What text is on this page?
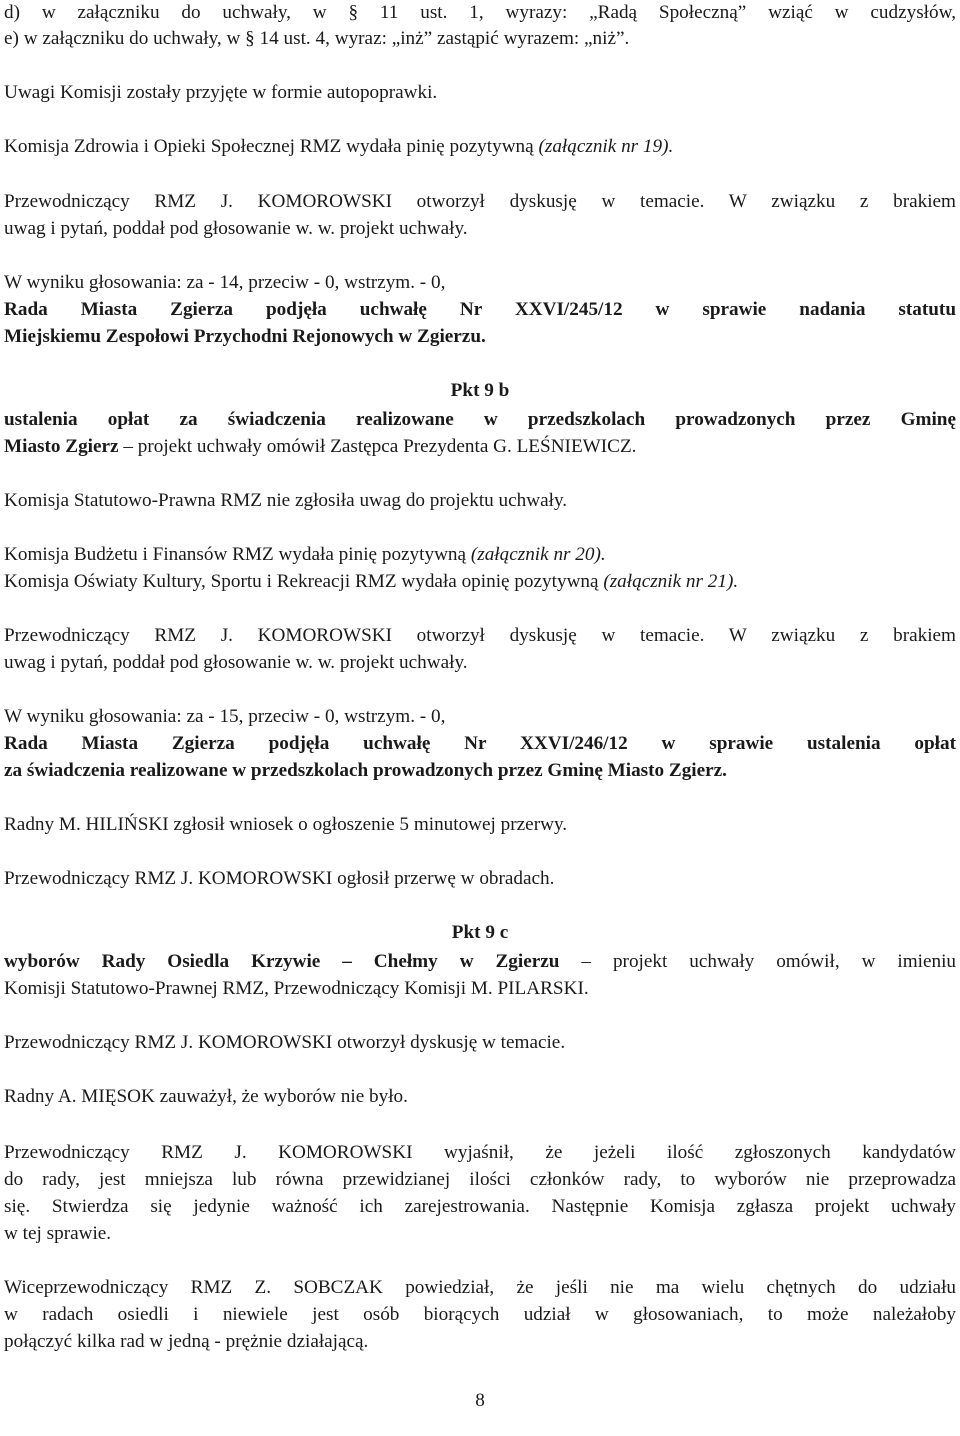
d) w załączniku do uchwały, w § 11 ust. 1, wyrazy: „Radą Społeczną” wziąć w cudzysłów,
e) w załączniku do uchwały, w § 14 ust. 4, wyraz: „inż” zastąpić wyrazem: „niż”.
Uwagi Komisji zostały przyjęte w formie autopoprawki.
Komisja Zdrowia i Opieki Społecznej RMZ wydała pinię pozytywną (załącznik nr 19).
Przewodniczący RMZ J. KOMOROWSKI otworzył dyskusję w temacie. W związku z brakiem
uwag i pytań, poddał pod głosowanie w. w. projekt uchwały.
W wyniku głosowania: za - 14, przeciw - 0, wstrzym. - 0,
Rada Miasta Zgierza podjęła uchwałę Nr XXVI/245/12 w sprawie nadania statutu
Miejskiemu Zespołowi Przychodni Rejonowych w Zgierzu.
Pkt 9 b
ustalenia opłat za świadczenia realizowane w przedszkolach prowadzonych przez Gminę
Miasto Zgierz – projekt uchwały omówił Zastępca Prezydenta G. LEŚNIEWICZ.
Komisja Statutowo-Prawna RMZ nie zgłosiła uwag do projektu uchwały.
Komisja Budżetu i Finansów RMZ wydała pinię pozytywną (załącznik nr 20).
Komisja Oświaty Kultury, Sportu i Rekreacji RMZ wydała opinię pozytywną (załącznik nr 21).
Przewodniczący RMZ J. KOMOROWSKI otworzył dyskusję w temacie. W związku z brakiem
uwag i pytań, poddał pod głosowanie w. w. projekt uchwały.
W wyniku głosowania: za - 15, przeciw - 0, wstrzym. - 0,
Rada Miasta Zgierza podjęła uchwałę Nr XXVI/246/12 w sprawie ustalenia opłat
za świadczenia realizowane w przedszkolach prowadzonych przez Gminę Miasto Zgierz.
Radny M. HILIŃSKI zgłosił wniosek o ogłoszenie 5 minutowej przerwy.
Przewodniczący RMZ J. KOMOROWSKI ogłosił przerwę w obradach.
Pkt 9 c
wyborów Rady Osiedla Krzywie – Chełmy w Zgierzu – projekt uchwały omówił, w imieniu
Komisji Statutowo-Prawnej RMZ, Przewodniczący Komisji M. PILARSKI.
Przewodniczący RMZ J. KOMOROWSKI otworzył dyskusję w temacie.
Radny A. MIĘSOK zauważył, że wyborów nie było.
Przewodniczący RMZ J. KOMOROWSKI wyjaśnił, że jeżeli ilość zgłoszonych kandydatów
do rady, jest mniejsza lub równa przewidzianej ilości członków rady, to wyborów nie przeprowadza
się. Stwierdza się jedynie ważność ich zarejestrowania. Następnie Komisja zgłasza projekt uchwały
w tej sprawie.
Wiceprzewodniczący RMZ Z. SOBCZAK powiedział, że jeśli nie ma wielu chętnych do udziału
w radach osiedli i niewiele jest osób biorących udział w głosowaniach, to może należałoby
połączyć kilka rad w jedną - prężnie działającą.
8
